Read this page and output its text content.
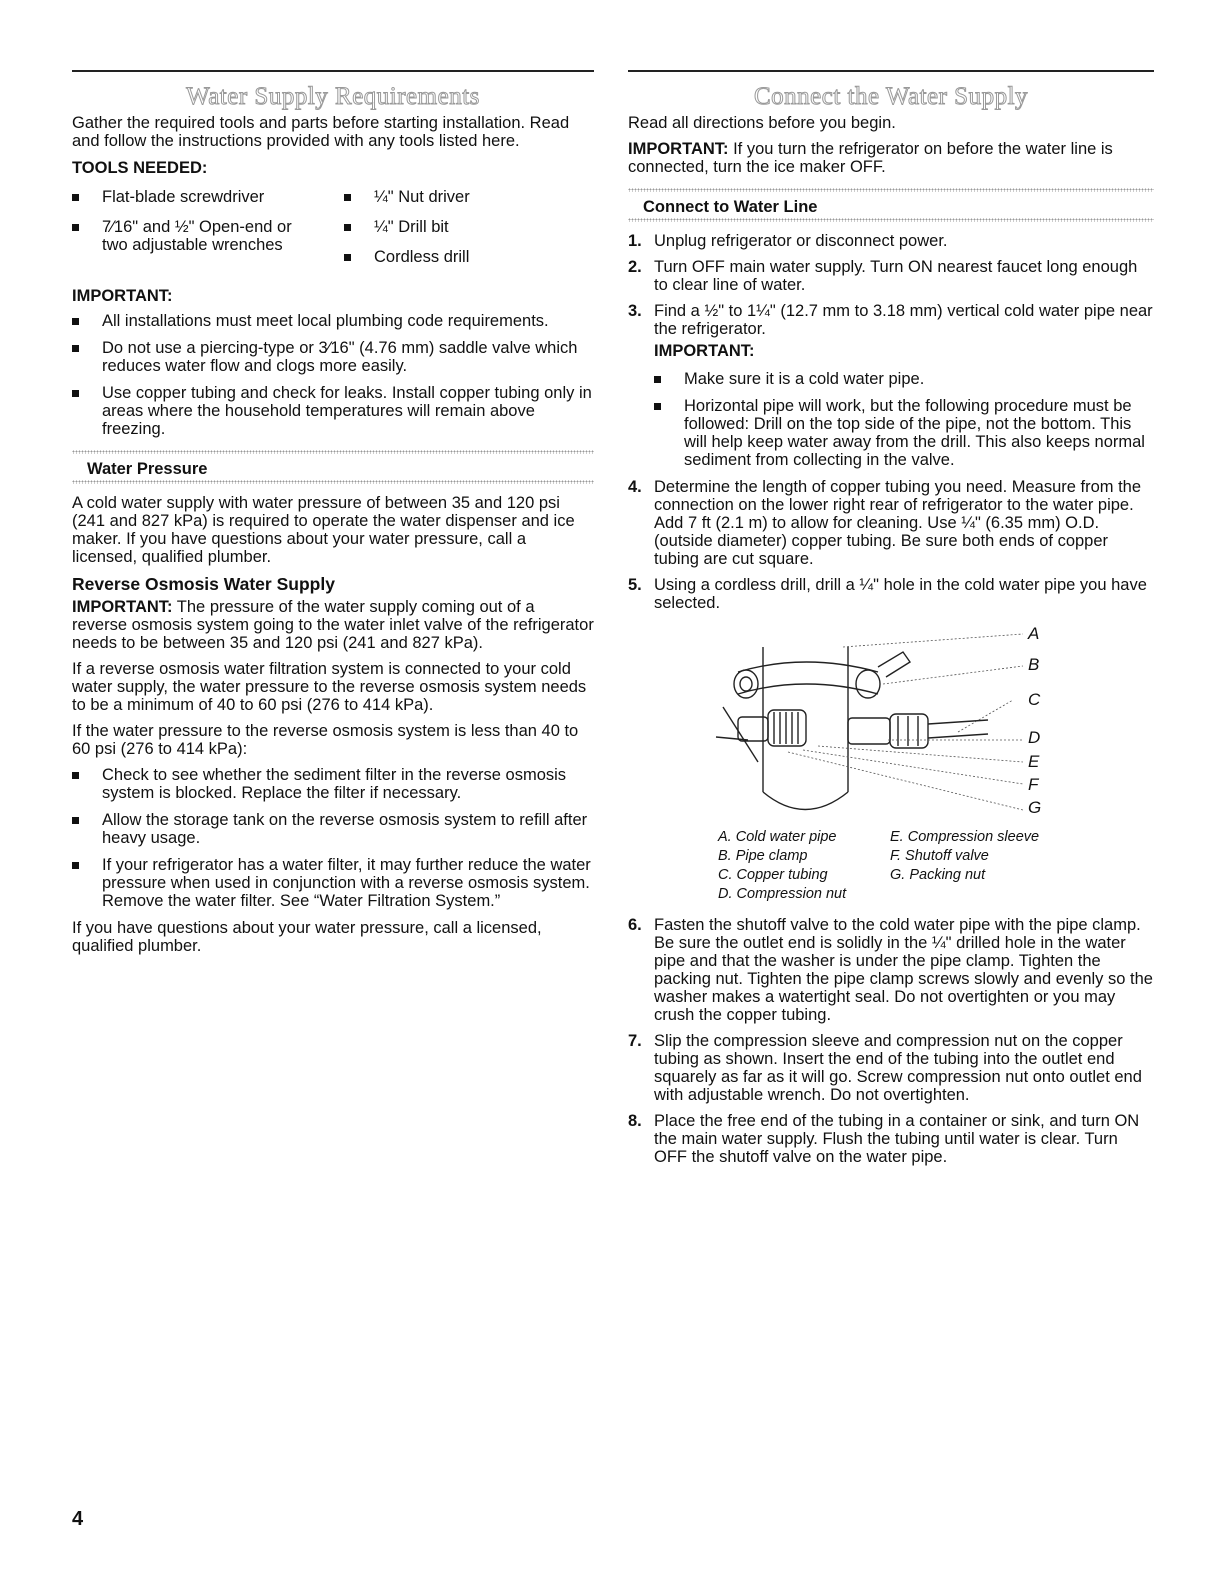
Water Supply Requirements

Gather the required tools and parts before starting installation. Read and follow the instructions provided with any tools listed here.

TOOLS NEEDED:
Flat-blade screwdriver
7⁄16" and ½" Open-end or two adjustable wrenches
¼" Nut driver
¼" Drill bit
Cordless drill
IMPORTANT:
All installations must meet local plumbing code requirements.
Do not use a piercing-type or 3⁄16" (4.76 mm) saddle valve which reduces water flow and clogs more easily.
Use copper tubing and check for leaks. Install copper tubing only in areas where the household temperatures will remain above freezing.
Water Pressure

A cold water supply with water pressure of between 35 and 120 psi (241 and 827 kPa) is required to operate the water dispenser and ice maker. If you have questions about your water pressure, call a licensed, qualified plumber.

Reverse Osmosis Water Supply

IMPORTANT: The pressure of the water supply coming out of a reverse osmosis system going to the water inlet valve of the refrigerator needs to be between 35 and 120 psi (241 and 827 kPa).

If a reverse osmosis water filtration system is connected to your cold water supply, the water pressure to the reverse osmosis system needs to be a minimum of 40 to 60 psi (276 to 414 kPa).

If the water pressure to the reverse osmosis system is less than 40 to 60 psi (276 to 414 kPa):

Check to see whether the sediment filter in the reverse osmosis system is blocked. Replace the filter if necessary.
Allow the storage tank on the reverse osmosis system to refill after heavy usage.
If your refrigerator has a water filter, it may further reduce the water pressure when used in conjunction with a reverse osmosis system. Remove the water filter. See “Water Filtration System.”

If you have questions about your water pressure, call a licensed, qualified plumber.

Connect the Water Supply

Read all directions before you begin.

IMPORTANT: If you turn the refrigerator on before the water line is connected, turn the ice maker OFF.

Connect to Water Line
1. Unplug refrigerator or disconnect power.
2. Turn OFF main water supply. Turn ON nearest faucet long enough to clear line of water.
3. Find a ½" to 1¼" (12.7 mm to 3.18 mm) vertical cold water pipe near the refrigerator.
IMPORTANT:
Make sure it is a cold water pipe.
Horizontal pipe will work, but the following procedure must be followed: Drill on the top side of the pipe, not the bottom. This will help keep water away from the drill. This also keeps normal sediment from collecting in the valve.
4. Determine the length of copper tubing you need. Measure from the connection on the lower right rear of refrigerator to the water pipe. Add 7 ft (2.1 m) to allow for cleaning. Use ¼" (6.35 mm) O.D. (outside diameter) copper tubing. Be sure both ends of copper tubing are cut square.
5. Using a cordless drill, drill a ¼" hole in the cold water pipe you have selected.
A
B
C
D
E
F
G
A. Cold water pipe	E. Compression sleeve
B. Pipe clamp	F. Shutoff valve
C. Copper tubing	G. Packing nut
D. Compression nut
6. Fasten the shutoff valve to the cold water pipe with the pipe clamp. Be sure the outlet end is solidly in the ¼" drilled hole in the water pipe and that the washer is under the pipe clamp. Tighten the packing nut. Tighten the pipe clamp screws slowly and evenly so the washer makes a watertight seal. Do not overtighten or you may crush the copper tubing.
7. Slip the compression sleeve and compression nut on the copper tubing as shown. Insert the end of the tubing into the outlet end squarely as far as it will go. Screw compression nut onto outlet end with adjustable wrench. Do not overtighten.
8. Place the free end of the tubing in a container or sink, and turn ON the main water supply. Flush the tubing until water is clear. Turn OFF the shutoff valve on the water pipe.
4
